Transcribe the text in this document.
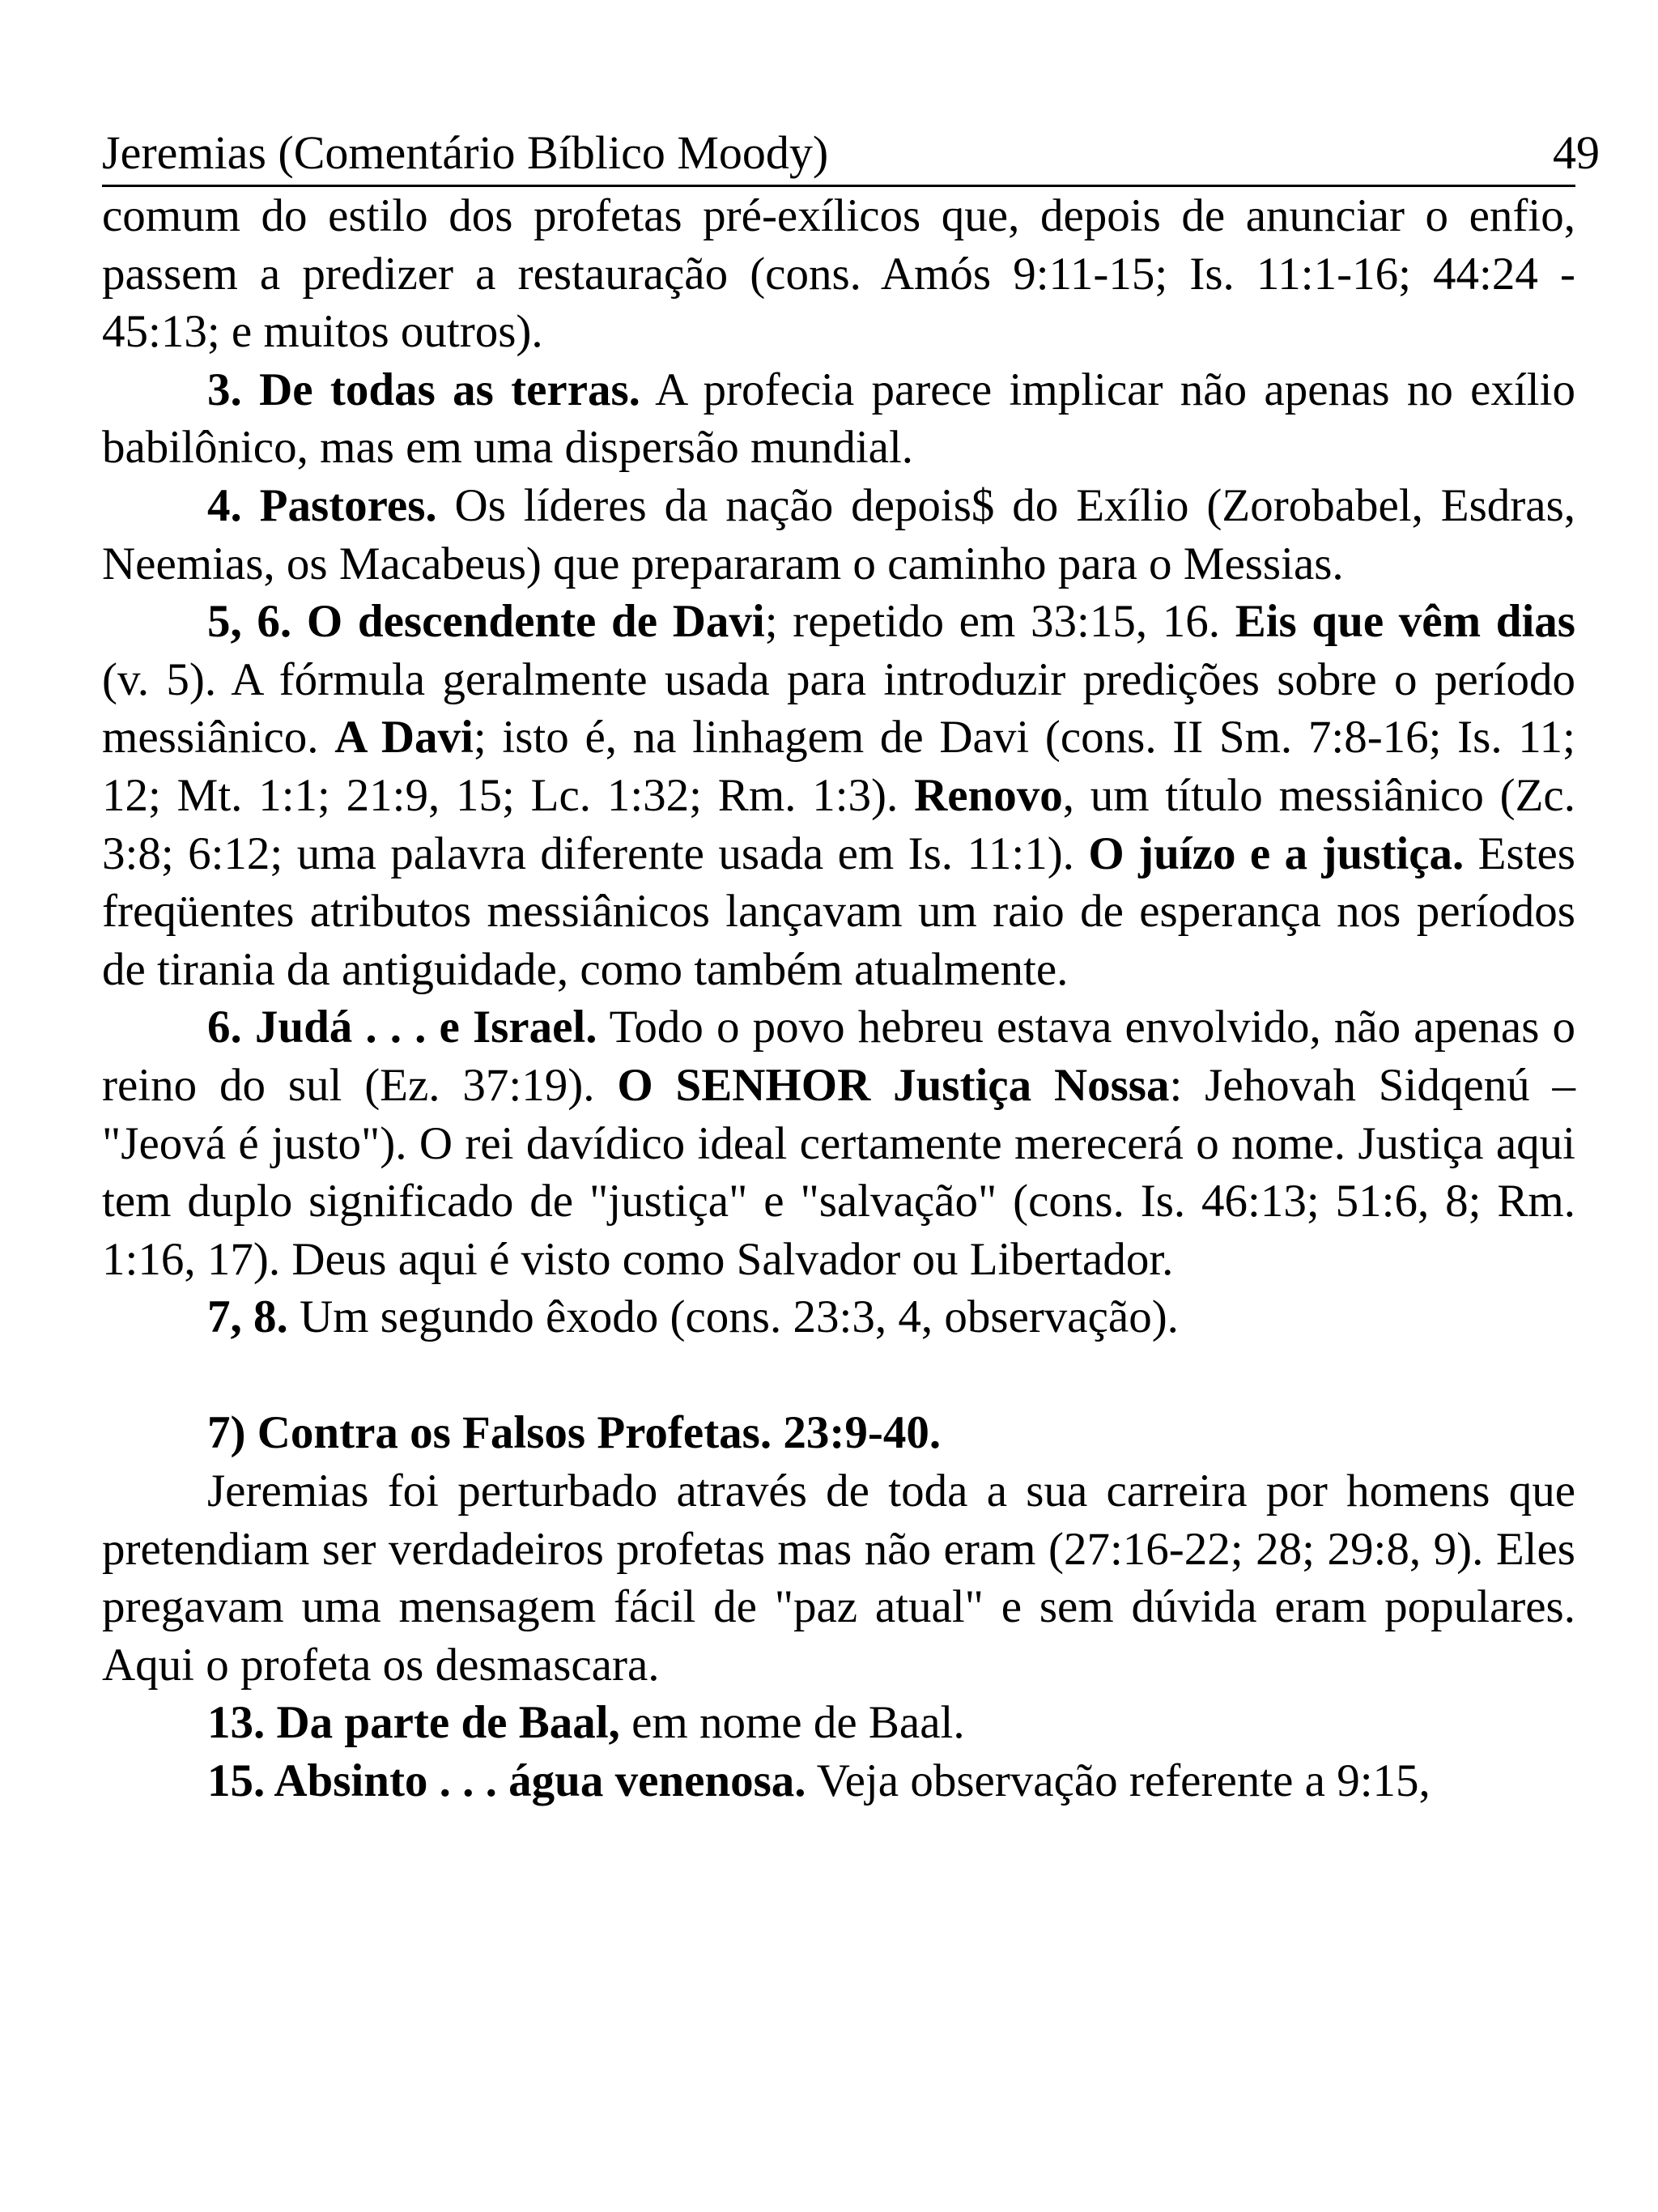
Jeremias (Comentário Bíblico Moody)	49

comum do estilo dos profetas pré-exílicos que, depois de anunciar o enfio, passem a predizer a restauração (cons. Amós 9:11-15; Is. 11:1-16; 44:24 - 45:13; e muitos outros).

3. De todas as terras. A profecia parece implicar não apenas no exílio babilônico, mas em uma dispersão mundial.

4. Pastores. Os líderes da nação depois$ do Exílio (Zorobabel, Esdras, Neemias, os Macabeus) que prepararam o caminho para o Messias.

5, 6. O descendente de Davi; repetido em 33:15, 16. Eis que vêm dias (v. 5). A fórmula geralmente usada para introduzir predições sobre o período messiânico. A Davi; isto é, na linhagem de Davi (cons. II Sm. 7:8-16; Is. 11; 12; Mt. 1:1; 21:9, 15; Lc. 1:32; Rm. 1:3). Renovo, um título messiânico (Zc. 3:8; 6:12; uma palavra diferente usada em Is. 11:1). O juízo e a justiça. Estes freqüentes atributos messiânicos lançavam um raio de esperança nos períodos de tirania da antiguidade, como também atualmente.

6. Judá . . . e Israel. Todo o povo hebreu estava envolvido, não apenas o reino do sul (Ez. 37:19). O SENHOR Justiça Nossa: Jehovah Sidqenú – "Jeová é justo"). O rei davídico ideal certamente merecerá o nome. Justiça aqui tem duplo significado de "justiça" e "salvação" (cons. Is. 46:13; 51:6, 8; Rm. 1:16, 17). Deus aqui é visto como Salvador ou Libertador.

7, 8. Um segundo êxodo (cons. 23:3, 4, observação).

7) Contra os Falsos Profetas. 23:9-40.

Jeremias foi perturbado através de toda a sua carreira por homens que pretendiam ser verdadeiros profetas mas não eram (27:16-22; 28; 29:8, 9). Eles pregavam uma mensagem fácil de "paz atual" e sem dúvida eram populares. Aqui o profeta os desmascara.

13. Da parte de Baal, em nome de Baal.

15. Absinto . . . água venenosa. Veja observação referente a 9:15,
